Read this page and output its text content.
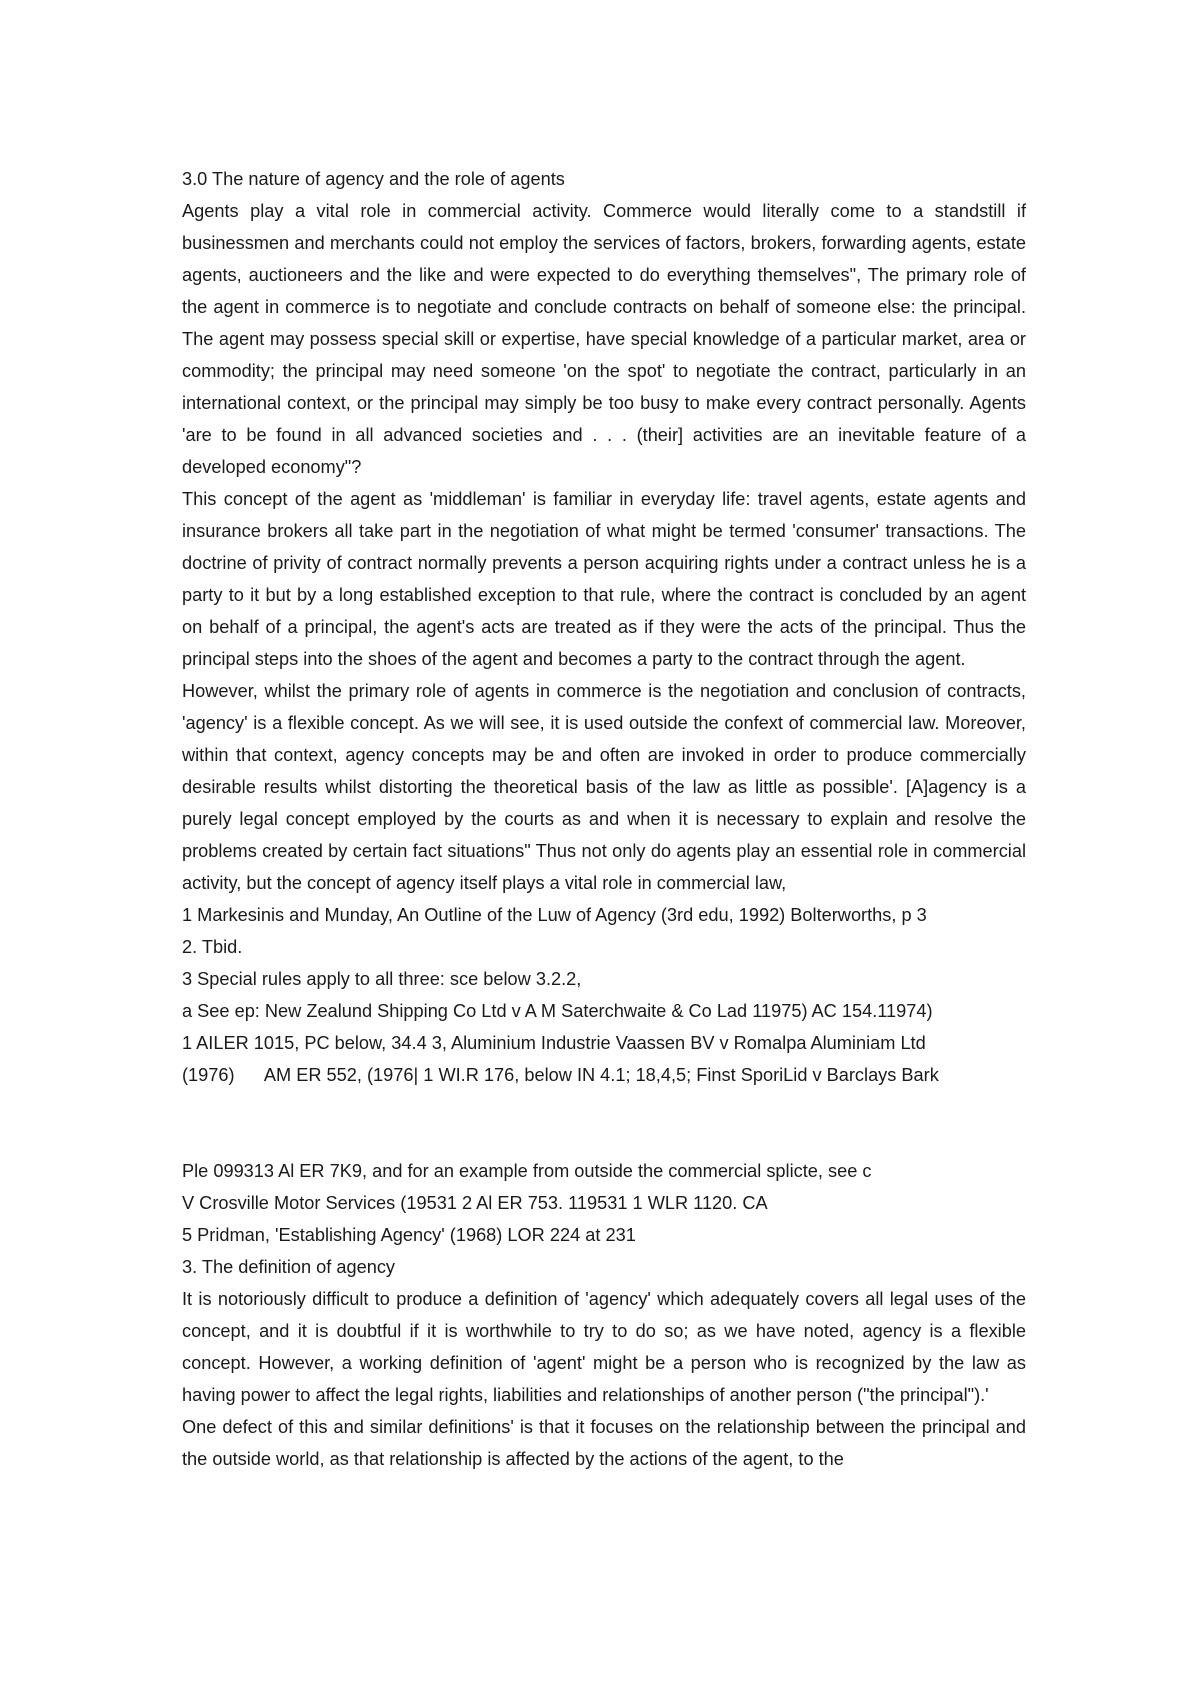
3.0 The nature of agency and the role of agents

Agents play a vital role in commercial activity. Commerce would literally come to a standstill if businessmen and merchants could not employ the services of factors, brokers, forwarding agents, estate agents, auctioneers and the like and were expected to do everything themselves", The primary role of the agent in commerce is to negotiate and conclude contracts on behalf of someone else: the principal. The agent may possess special skill or expertise, have special knowledge of a particular market, area or commodity; the principal may need someone 'on the spot' to negotiate the contract, particularly in an international context, or the principal may simply be too busy to make every contract personally. Agents 'are to be found in all advanced societies and . . . (their] activities are an inevitable feature of a developed economy"?

This concept of the agent as 'middleman' is familiar in everyday life: travel agents, estate agents and insurance brokers all take part in the negotiation of what might be termed 'consumer' transactions. The doctrine of privity of contract normally prevents a person acquiring rights under a contract unless he is a party to it but by a long established exception to that rule, where the contract is concluded by an agent on behalf of a principal, the agent's acts are treated as if they were the acts of the principal. Thus the principal steps into the shoes of the agent and becomes a party to the contract through the agent.

However, whilst the primary role of agents in commerce is the negotiation and conclusion of contracts, 'agency' is a flexible concept. As we will see, it is used outside the confext of commercial law. Moreover, within that context, agency concepts may be and often are invoked in order to produce commercially desirable results whilst distorting the theoretical basis of the law as little as possible'. [A]agency is a purely legal concept employed by the courts as and when it is necessary to explain and resolve the problems created by certain fact situations" Thus not only do agents play an essential role in commercial activity, but the concept of agency itself plays a vital role in commercial law,

1 Markesinis and Munday, An Outline of the Luw of Agency (3rd edu, 1992) Bolterworths, p 3

2. Tbid.

3 Special rules apply to all three: sce below 3.2.2,

a See ep: New Zealund Shipping Co Ltd v A M Saterchwaite & Co Lad 11975) AC 154.11974)

1 AILER 1015, PC below, 34.4 3, Aluminium Industrie Vaassen BV v Romalpa Aluminiam Ltd

(1976)      AM ER 552, (1976| 1 WI.R 176, below IN 4.1; 18,4,5; Finst SporiLid v Barclays Bark

Ple 099313 Al ER 7K9, and for an example from outside the commercial splicte, see c

V Crosville Motor Services (19531 2 Al ER 753. 119531 1 WLR 1120. CA

5 Pridman, 'Establishing Agency' (1968) LOR 224 at 231

3. The definition of agency

It is notoriously difficult to produce a definition of 'agency' which adequately covers all legal uses of the concept, and it is doubtful if it is worthwhile to try to do so; as we have noted, agency is a flexible concept. However, a working definition of 'agent' might be a person who is recognized by the law as having power to affect the legal rights, liabilities and relationships of another person ("the principal").'

One defect of this and similar definitions' is that it focuses on the relationship between the principal and the outside world, as that relationship is affected by the actions of the agent, to the
